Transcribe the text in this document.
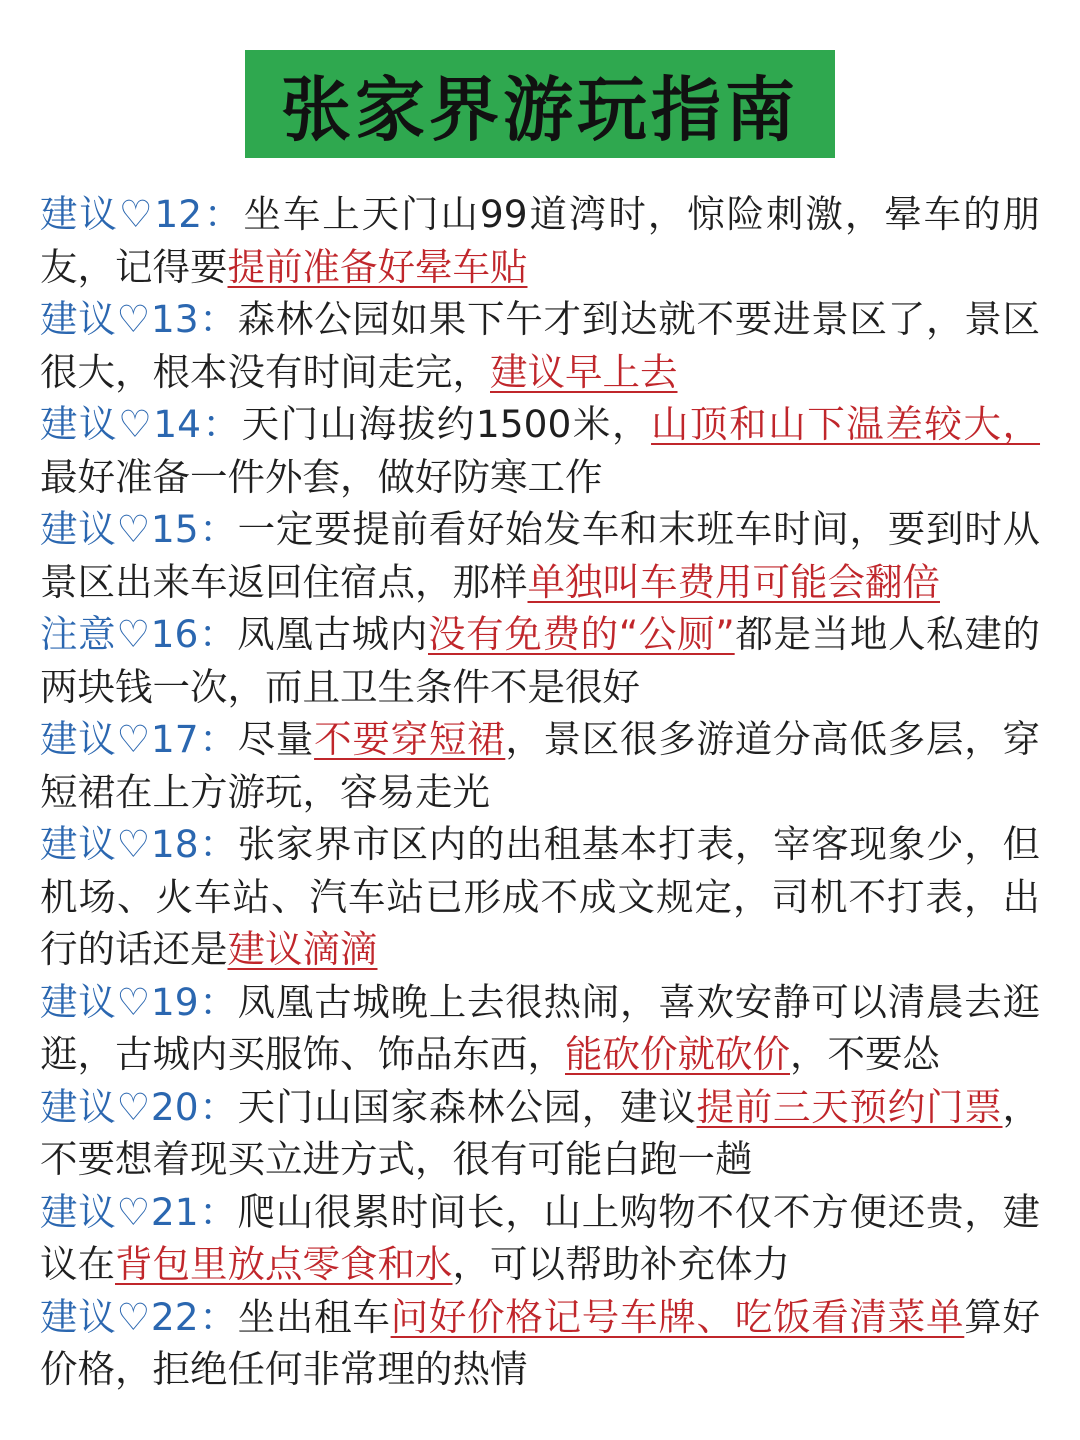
张家界游玩指南
建议♡12：坐车上天门山99道湾时，惊险刺激，晕车的朋友，记得要提前准备好晕车贴
建议♡13：森林公园如果下午才到达就不要进景区了，景区很大，根本没有时间走完，建议早上去
建议♡14：天门山海拔约1500米，山顶和山下温差较大，最好准备一件外套，做好防寒工作
建议♡15：一定要提前看好始发车和末班车时间，要到时从景区出来车返回住宿点，那样单独叫车费用可能会翻倍
注意♡16：凤凰古城内没有免费的“公厕”都是当地人私建的两块钱一次，而且卫生条件不是很好
建议♡17：尽量不要穿短裙，景区很多游道分高低多层，穿短裙在上方游玩，容易走光
建议♡18：张家界市区内的出租基本打表，宰客现象少，但机场、火车站、汽车站已形成不成文规定，司机不打表，出行的话还是建议滴滴
建议♡19：凤凰古城晚上去很热闹，喜欢安静可以清晨去逛逛，古城内买服饰、饰品东西，能砍价就砍价，不要怂
建议♡20：天门山国家森林公园，建议提前三天预约门票，不要想着现买立进方式，很有可能白跑一趟
建议♡21：爬山很累时间长，山上购物不仅不方便还贵，建议在背包里放点零食和水，可以帮助补充体力
建议♡22：坐出租车问好价格记号车牌、吃饭看清菜单算好价格，拒绝任何非常理的热情
